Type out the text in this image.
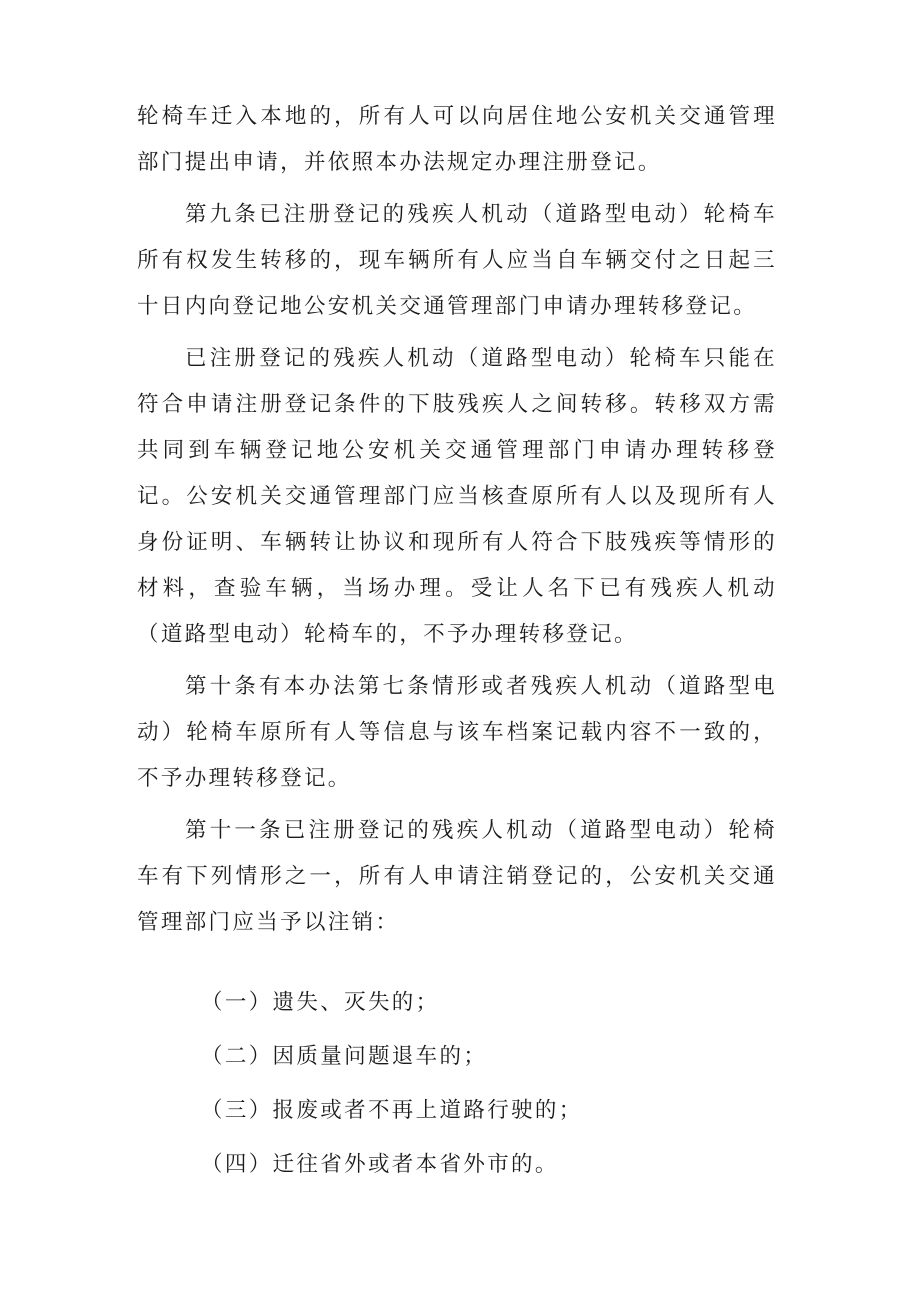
轮椅车迁入本地的，所有人可以向居住地公安机关交通管理部门提出申请，并依照本办法规定办理注册登记。

第九条已注册登记的残疾人机动（道路型电动）轮椅车所有权发生转移的，现车辆所有人应当自车辆交付之日起三十日内向登记地公安机关交通管理部门申请办理转移登记。

已注册登记的残疾人机动（道路型电动）轮椅车只能在符合申请注册登记条件的下肢残疾人之间转移。转移双方需共同到车辆登记地公安机关交通管理部门申请办理转移登记。公安机关交通管理部门应当核查原所有人以及现所有人身份证明、车辆转让协议和现所有人符合下肢残疾等情形的材料，查验车辆，当场办理。受让人名下已有残疾人机动（道路型电动）轮椅车的，不予办理转移登记。

第十条有本办法第七条情形或者残疾人机动（道路型电动）轮椅车原所有人等信息与该车档案记载内容不一致的，不予办理转移登记。

第十一条已注册登记的残疾人机动（道路型电动）轮椅车有下列情形之一，所有人申请注销登记的，公安机关交通管理部门应当予以注销：

（一）遗失、灭失的；

（二）因质量问题退车的；

（三）报废或者不再上道路行驶的；

（四）迁往省外或者本省外市的。
